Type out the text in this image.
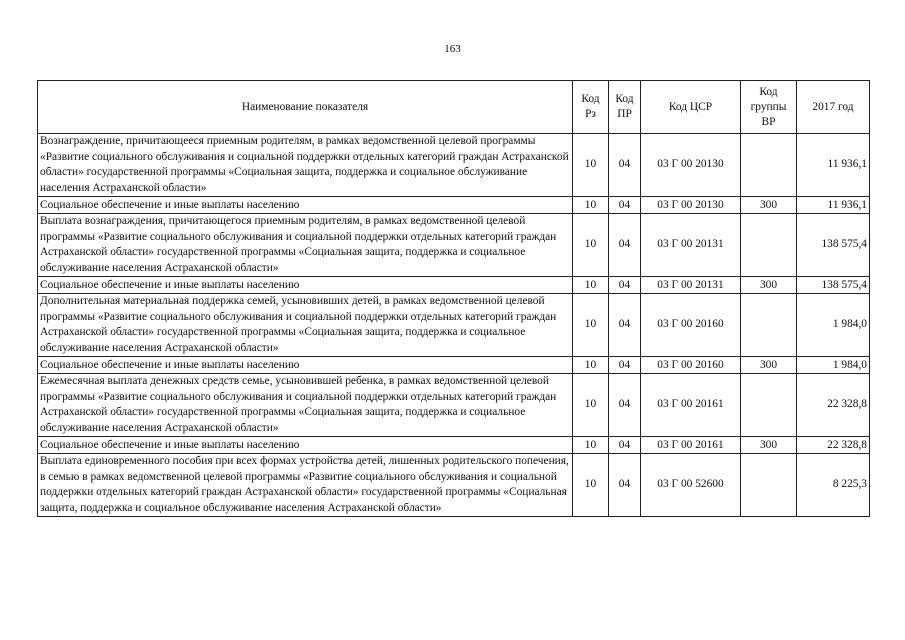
163
Наименование показателя	Код Рз	Код ПР	Код ЦСР	Код группы ВР	2017 год
Вознаграждение, причитающееся приемным родителям, в рамках ведомственной целевой программы «Развитие социального обслуживания и социальной поддержки отдельных категорий граждан Астраханской области» государственной программы «Социальная защита, поддержка и социальное обслуживание населения Астраханской области»	10	04	03 Г 00 20130		11 936,1
Социальное обеспечение и иные выплаты населению	10	04	03 Г 00 20130	300	11 936,1
Выплата вознаграждения, причитающегося приемным родителям, в рамках ведомственной целевой программы «Развитие социального обслуживания и социальной поддержки отдельных категорий граждан Астраханской области» государственной программы «Социальная защита, поддержка и социальное обслуживание населения Астраханской области»	10	04	03 Г 00 20131		138 575,4
Социальное обеспечение и иные выплаты населению	10	04	03 Г 00 20131	300	138 575,4
Дополнительная материальная поддержка семей, усыновивших детей, в рамках ведомственной целевой программы «Развитие социального обслуживания и социальной поддержки отдельных категорий граждан Астраханской области» государственной программы «Социальная защита, поддержка и социальное обслуживание населения Астраханской области»	10	04	03 Г 00 20160		1 984,0
Социальное обеспечение и иные выплаты населению	10	04	03 Г 00 20160	300	1 984,0
Ежемесячная выплата денежных средств семье, усыновившей ребенка, в рамках ведомственной целевой программы «Развитие социального обслуживания и социальной поддержки отдельных категорий граждан Астраханской области» государственной программы «Социальная защита, поддержка и социальное обслуживание населения Астраханской области»	10	04	03 Г 00 20161		22 328,8
Социальное обеспечение и иные выплаты населению	10	04	03 Г 00 20161	300	22 328,8
Выплата единовременного пособия при всех формах устройства детей, лишенных родительского попечения, в семью в рамках ведомственной целевой программы «Развитие социального обслуживания и социальной поддержки отдельных категорий граждан Астраханской области» государственной программы «Социальная защита, поддержка и социальное обслуживание населения Астраханской области»	10	04	03 Г 00 52600		8 225,3
